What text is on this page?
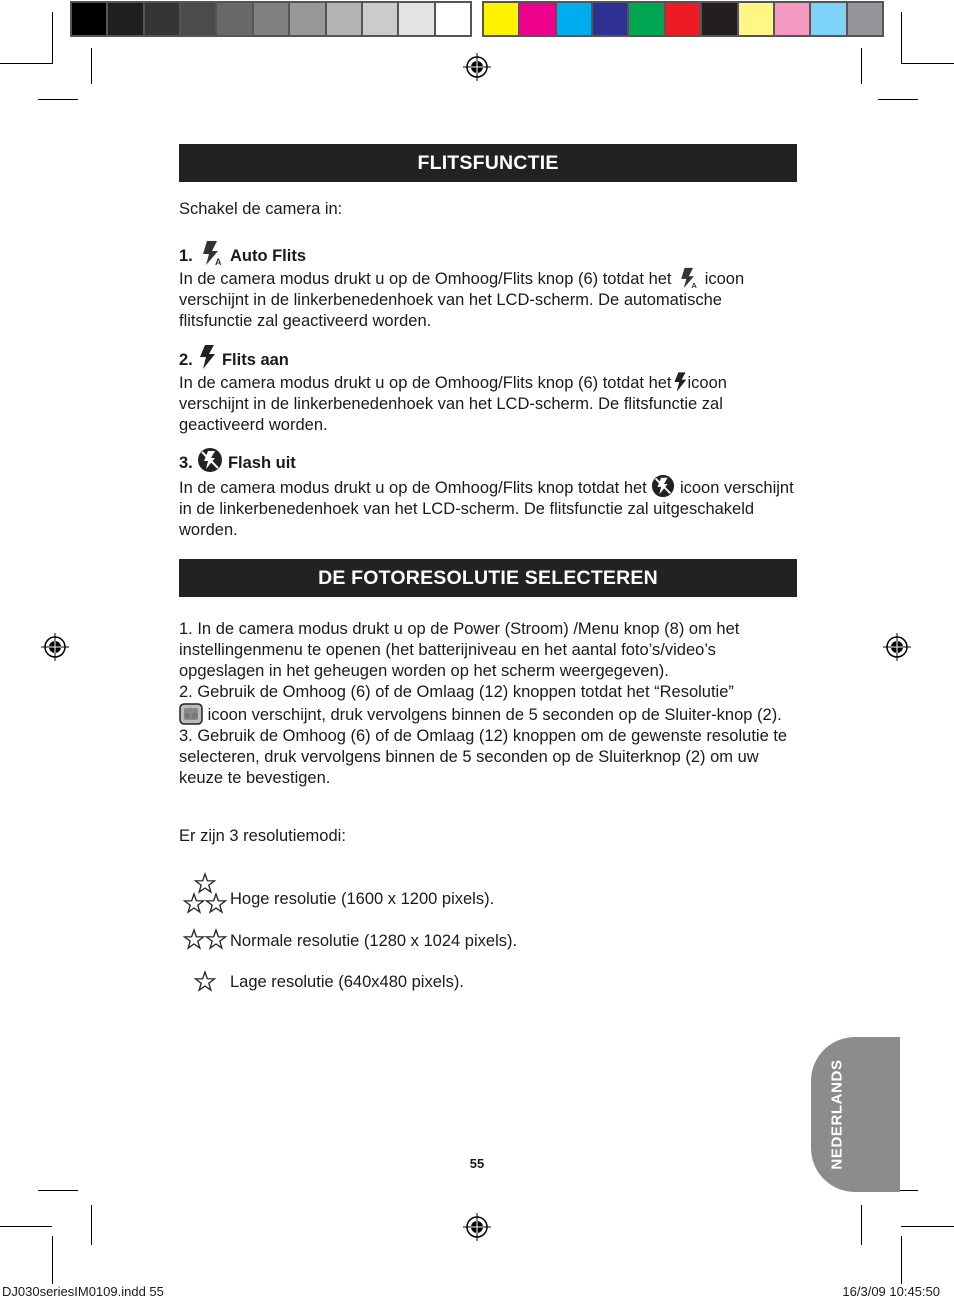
FLITSFUNCTIE
Schakel de camera in:
1.	A Auto Flits
In de camera modus drukt u op de Omhoog/Flits knop (6) totdat het A icoon verschijnt in de linkerbenedenhoek van het LCD-scherm. De automatische flitsfunctie zal geactiveerd worden.
2. Flits aan
In de camera modus drukt u op de Omhoog/Flits knop (6) totdat het icoon verschijnt in de linkerbenedenhoek van het LCD-scherm. De flitsfunctie zal geactiveerd worden.
3. Flash uit
In de camera modus drukt u op de Omhoog/Flits knop totdat het icoon verschijnt in de linkerbenedenhoek van het LCD-scherm. De flitsfunctie zal uitgeschakeld worden.
DE FOTORESOLUTIE SELECTEREN
1. In de camera modus drukt u op de Power (Stroom) /Menu knop (8) om het instellingenmenu te openen (het batterijniveau en het aantal foto’s/video’s opgeslagen in het geheugen worden op het scherm weergegeven).
2. Gebruik de Omhoog (6) of de Omlaag (12) knoppen totdat het “Resolutie”

☆☆ icoon verschijnt, druk vervolgens binnen de 5 seconden op de Sluiter-knop (2).
3. Gebruik de Omhoog (6) of de Omlaag (12) knoppen om de gewenste resolutie te selecteren, druk vervolgens binnen de 5 seconden op de Sluiterknop (2) om uw keuze te bevestigen.
Er zijn 3 resolutiemodi:
Hoge resolutie (1600 x 1200 pixels).
Normale resolutie (1280 x 1024 pixels).
Lage resolutie (640x480 pixels).
NEDERLANDS
55
DJ030seriesIM0109.indd 55	16/3/09 10:45:50
